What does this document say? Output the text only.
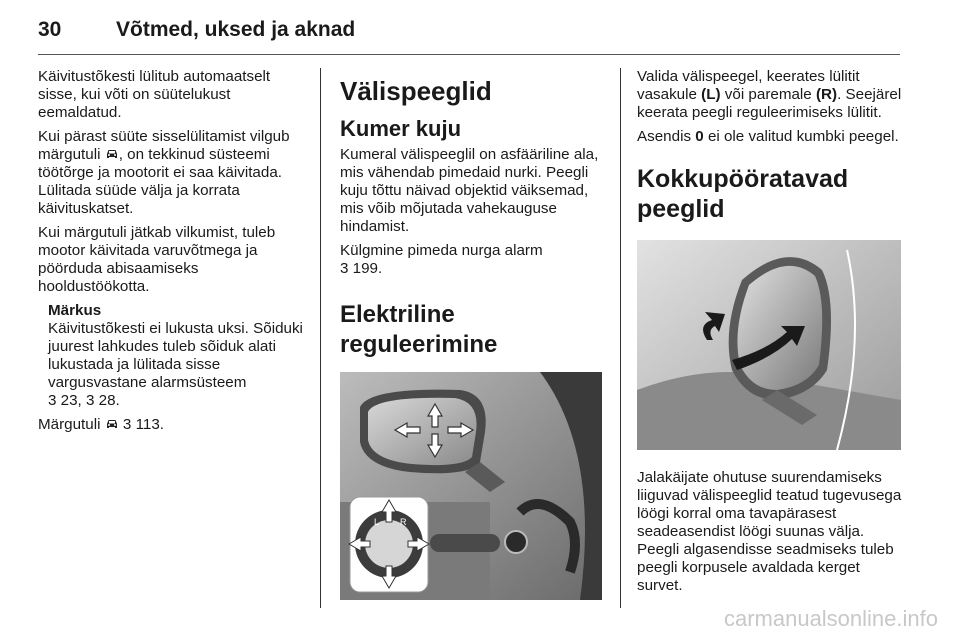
30	Võtmed, uksed ja aknad

Käivitustõkesti lülitub automaatselt sisse, kui võti on süütelukust eemaldatud.

Kui pärast süüte sisselülitamist vilgub märgutuli , on tekkinud süsteemi töötõrge ja mootorit ei saa käivitada. Lülitada süüde välja ja korrata käivituskatset.

Kui märgutuli jätkab vilkumist, tuleb mootor käivitada varuvõtmega ja pöörduda abisaamiseks hooldustöökotta.

Märkus

Käivitustõkesti ei lukusta uksi. Sõiduki juurest lahkudes tuleb sõiduk alati lukustada ja lülitada sisse vargusvastane alarmsüsteem

3 23, 3 28.

Märgutuli  3 113.

Välispeeglid
Kumer kuju

Kumeral välispeeglil on asfääriline ala, mis vähendab pimedaid nurki. Peegli kuju tõttu näivad objektid väiksemad, mis võib mõjutada vahekauguse hindamist.

Külgmine pimeda nurga alarm
3 199.

Elektriline reguleerimine
L R

Valida välispeegel, keerates lülitit vasakule (L) või paremale (R). Seejärel keerata peegli reguleerimiseks lülitit.

Asendis 0 ei ole valitud kumbki peegel.

Kokkupööratavad peeglid

Jalakäijate ohutuse suurendamiseks liiguvad välispeeglid teatud tugevusega löögi korral oma tavapärasest seadeasendist löögi suunas välja. Peegli algasendisse seadmiseks tuleb peegli korpusele avaldada kerget survet.

carmanualsonline.info
